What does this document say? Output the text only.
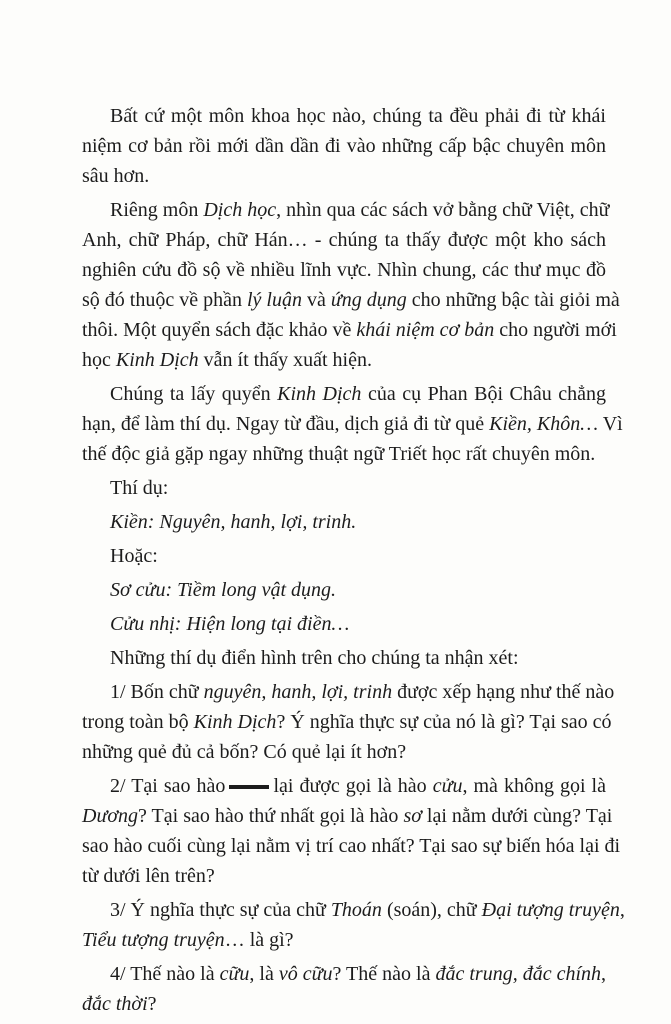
Bất cứ một môn khoa học nào, chúng ta đều phải đi từ khái
niệm cơ bản rồi mới dần dần đi vào những cấp bậc chuyên môn
sâu hơn.
Riêng môn Dịch học, nhìn qua các sách vở bằng chữ Việt, chữ
Anh, chữ Pháp, chữ Hán… - chúng ta thấy được một kho sách
nghiên cứu đồ sộ về nhiều lĩnh vực. Nhìn chung, các thư mục đồ
sộ đó thuộc về phần lý luận và ứng dụng cho những bậc tài giỏi mà
thôi. Một quyển sách đặc khảo về khái niệm cơ bản cho người mới
học Kinh Dịch vẫn ít thấy xuất hiện.
Chúng ta lấy quyển Kinh Dịch của cụ Phan Bội Châu chẳng
hạn, để làm thí dụ. Ngay từ đầu, dịch giả đi từ quẻ Kiền, Khôn… Vì
thế độc giả gặp ngay những thuật ngữ Triết học rất chuyên môn.
Thí dụ:
Kiền: Nguyên, hanh, lợi, trinh.
Hoặc:
Sơ cửu: Tiềm long vật dụng.
Cửu nhị: Hiện long tại điền…
Những thí dụ điển hình trên cho chúng ta nhận xét:
1/ Bốn chữ nguyên, hanh, lợi, trinh được xếp hạng như thế nào
trong toàn bộ Kinh Dịch? Ý nghĩa thực sự của nó là gì? Tại sao có
những quẻ đủ cả bốn? Có quẻ lại ít hơn?
2/ Tại sao hào lại được gọi là hào cửu, mà không gọi là
Dương? Tại sao hào thứ nhất gọi là hào sơ lại nằm dưới cùng? Tại
sao hào cuối cùng lại nằm vị trí cao nhất? Tại sao sự biến hóa lại đi
từ dưới lên trên?
3/ Ý nghĩa thực sự của chữ Thoán (soán), chữ Đại tượng truyện,
Tiểu tượng truyện… là gì?
4/ Thế nào là cữu, là vô cữu? Thế nào là đắc trung, đắc chính,
đắc thời?
